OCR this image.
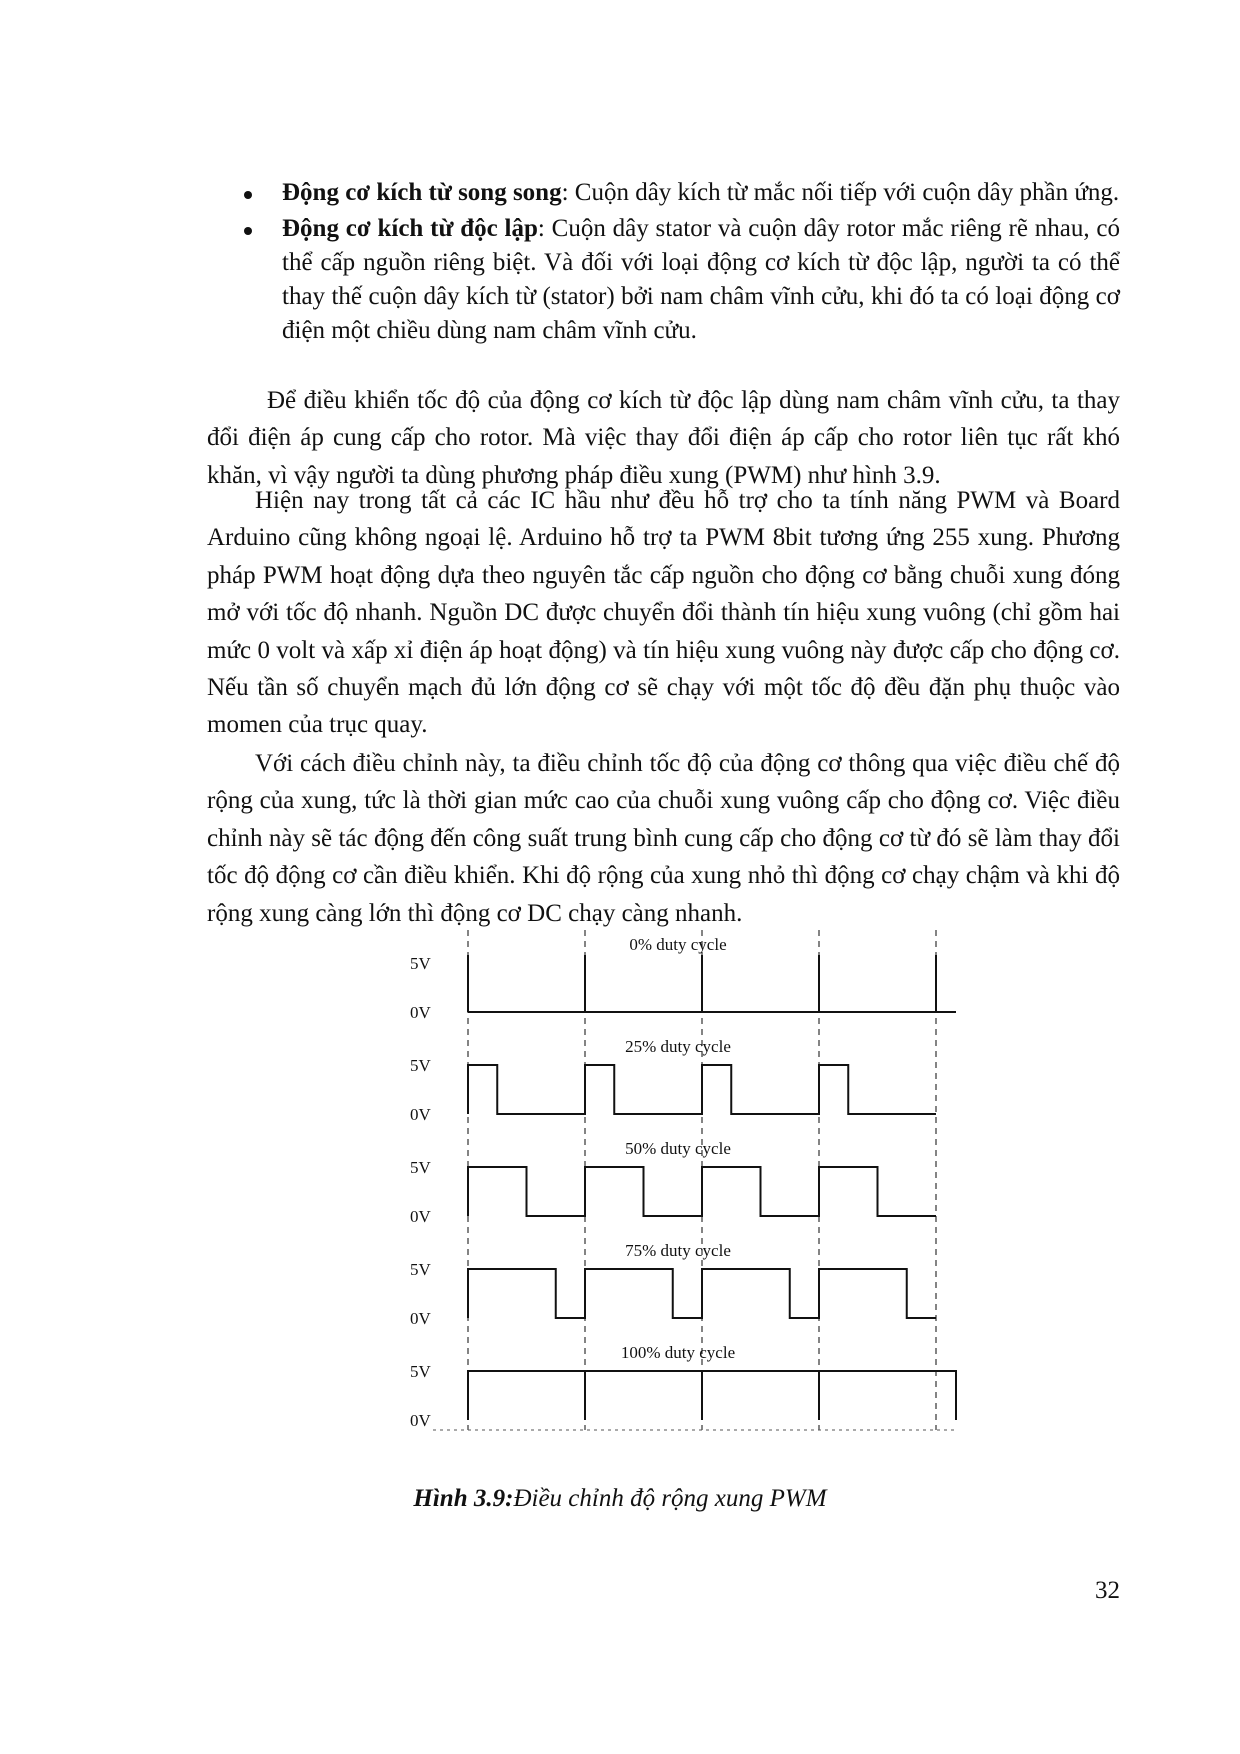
Động cơ kích từ song song: Cuộn dây kích từ mắc nối tiếp với cuộn dây phần ứng.
Động cơ kích từ độc lập: Cuộn dây stator và cuộn dây rotor mắc riêng rẽ nhau, có thể cấp nguồn riêng biệt. Và đối với loại động cơ kích từ độc lập, người ta có thể thay thế cuộn dây kích từ (stator) bởi nam châm vĩnh cửu, khi đó ta có loại động cơ điện một chiều dùng nam châm vĩnh cửu.

Để điều khiển tốc độ của động cơ kích từ độc lập dùng nam châm vĩnh cửu, ta thay đổi điện áp cung cấp cho rotor. Mà việc thay đổi điện áp cấp cho rotor liên tục rất khó khăn, vì vậy người ta dùng phương pháp điều xung (PWM) như hình 3.9.

Hiện nay trong tất cả các IC hầu như đều hỗ trợ cho ta tính năng PWM và Board Arduino cũng không ngoại lệ. Arduino hỗ trợ ta PWM 8bit tương ứng 255 xung. Phương pháp PWM hoạt động dựa theo nguyên tắc cấp nguồn cho động cơ bằng chuỗi xung đóng mở với tốc độ nhanh. Nguồn DC được chuyển đổi thành tín hiệu xung vuông (chỉ gồm hai mức 0 volt và xấp xỉ điện áp hoạt động) và tín hiệu xung vuông này được cấp cho động cơ. Nếu tần số chuyển mạch đủ lớn động cơ sẽ chạy với một tốc độ đều đặn phụ thuộc vào momen của trục quay.

Với cách điều chỉnh này, ta điều chỉnh tốc độ của động cơ thông qua việc điều chế độ rộng của xung, tức là thời gian mức cao của chuỗi xung vuông cấp cho động cơ. Việc điều chỉnh này sẽ tác động đến công suất trung bình cung cấp cho động cơ từ đó sẽ làm thay đổi tốc độ động cơ cần điều khiển. Khi độ rộng của xung nhỏ thì động cơ chạy chậm và khi độ rộng xung càng lớn thì động cơ DC chạy càng nhanh.

0% duty cycle
5V
0V
25% duty cycle
5V
0V
50% duty cycle
5V
0V
75% duty cycle
5V
0V
100% duty cycle
5V
0V

Hình 3.9:Điều chỉnh độ rộng xung PWM

32
